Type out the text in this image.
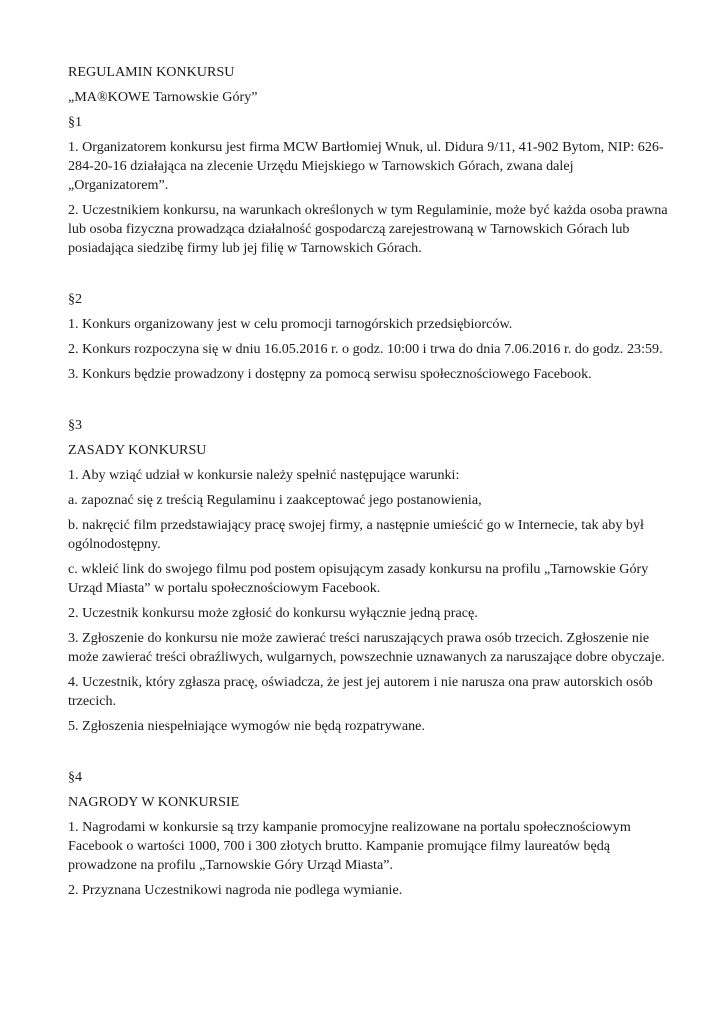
REGULAMIN KONKURSU

„MA®KOWE Tarnowskie Góry”

§1

1. Organizatorem konkursu jest firma MCW Bartłomiej Wnuk, ul. Didura 9/11, 41-902 Bytom, NIP: 626-284-20-16 działająca na zlecenie Urzędu Miejskiego w Tarnowskich Górach, zwana dalej „Organizatorem”.

2. Uczestnikiem konkursu, na warunkach określonych w tym Regulaminie, może być każda osoba prawna lub osoba fizyczna prowadząca działalność gospodarczą zarejestrowaną w Tarnowskich Górach lub posiadająca siedzibę firmy lub jej filię w Tarnowskich Górach.

§2

1. Konkurs organizowany jest w celu promocji tarnogórskich przedsiębiorców.

2. Konkurs rozpoczyna się w dniu 16.05.2016 r. o godz. 10:00 i trwa do dnia 7.06.2016 r. do godz. 23:59.

3. Konkurs będzie prowadzony i dostępny za pomocą serwisu społecznościowego Facebook.

§3

ZASADY KONKURSU

1. Aby wziąć udział w konkursie należy spełnić następujące warunki:

a. zapoznać się z treścią Regulaminu i zaakceptować jego postanowienia,

b. nakręcić film przedstawiający pracę swojej firmy, a następnie umieścić go w Internecie, tak aby był ogólnodostępny.

c. wkleić link do swojego filmu pod postem opisującym zasady konkursu na profilu „Tarnowskie Góry Urząd Miasta” w portalu społecznościowym Facebook.

2. Uczestnik konkursu może zgłosić do konkursu wyłącznie jedną pracę.

3. Zgłoszenie do konkursu nie może zawierać treści naruszających prawa osób trzecich. Zgłoszenie nie może zawierać treści obraźliwych, wulgarnych, powszechnie uznawanych za naruszające dobre obyczaje.

4. Uczestnik, który zgłasza pracę, oświadcza, że jest jej autorem i nie narusza ona praw autorskich osób trzecich.

5. Zgłoszenia niespełniające wymogów nie będą rozpatrywane.

§4

NAGRODY W KONKURSIE

1. Nagrodami w konkursie są trzy kampanie promocyjne realizowane na portalu społecznościowym Facebook o wartości 1000, 700 i 300 złotych brutto. Kampanie promujące filmy laureatów będą prowadzone na profilu „Tarnowskie Góry Urząd Miasta”.

2. Przyznana Uczestnikowi nagroda nie podlega wymianie.
